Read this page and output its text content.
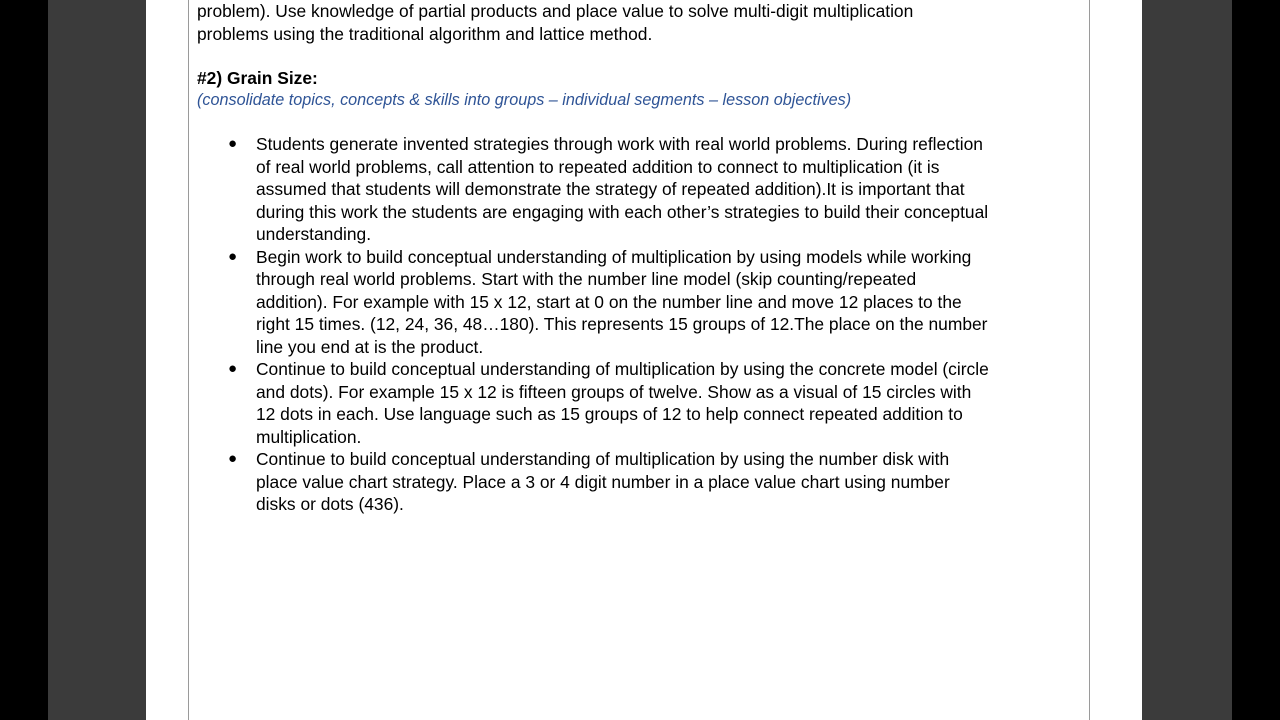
problem). Use knowledge of partial products and place value to solve multi-digit multiplication
problems using the traditional algorithm and lattice method.
#2) Grain Size:
(consolidate topics, concepts & skills into groups – individual segments – lesson objectives)
● Students generate invented strategies through work with real world problems. During reflection
of real world problems, call attention to repeated addition to connect to multiplication (it is
assumed that students will demonstrate the strategy of repeated addition).It is important that
during this work the students are engaging with each other’s strategies to build their conceptual
understanding.
● Begin work to build conceptual understanding of multiplication by using models while working
through real world problems. Start with the number line model (skip counting/repeated
addition). For example with 15 x 12, start at 0 on the number line and move 12 places to the
right 15 times. (12, 24, 36, 48…180). This represents 15 groups of 12.The place on the number
line you end at is the product.
● Continue to build conceptual understanding of multiplication by using the concrete model (circle
and dots). For example 15 x 12 is fifteen groups of twelve. Show as a visual of 15 circles with
12 dots in each. Use language such as 15 groups of 12 to help connect repeated addition to
multiplication.
● Continue to build conceptual understanding of multiplication by using the number disk with
place value chart strategy. Place a 3 or 4 digit number in a place value chart using number
disks or dots (436).
